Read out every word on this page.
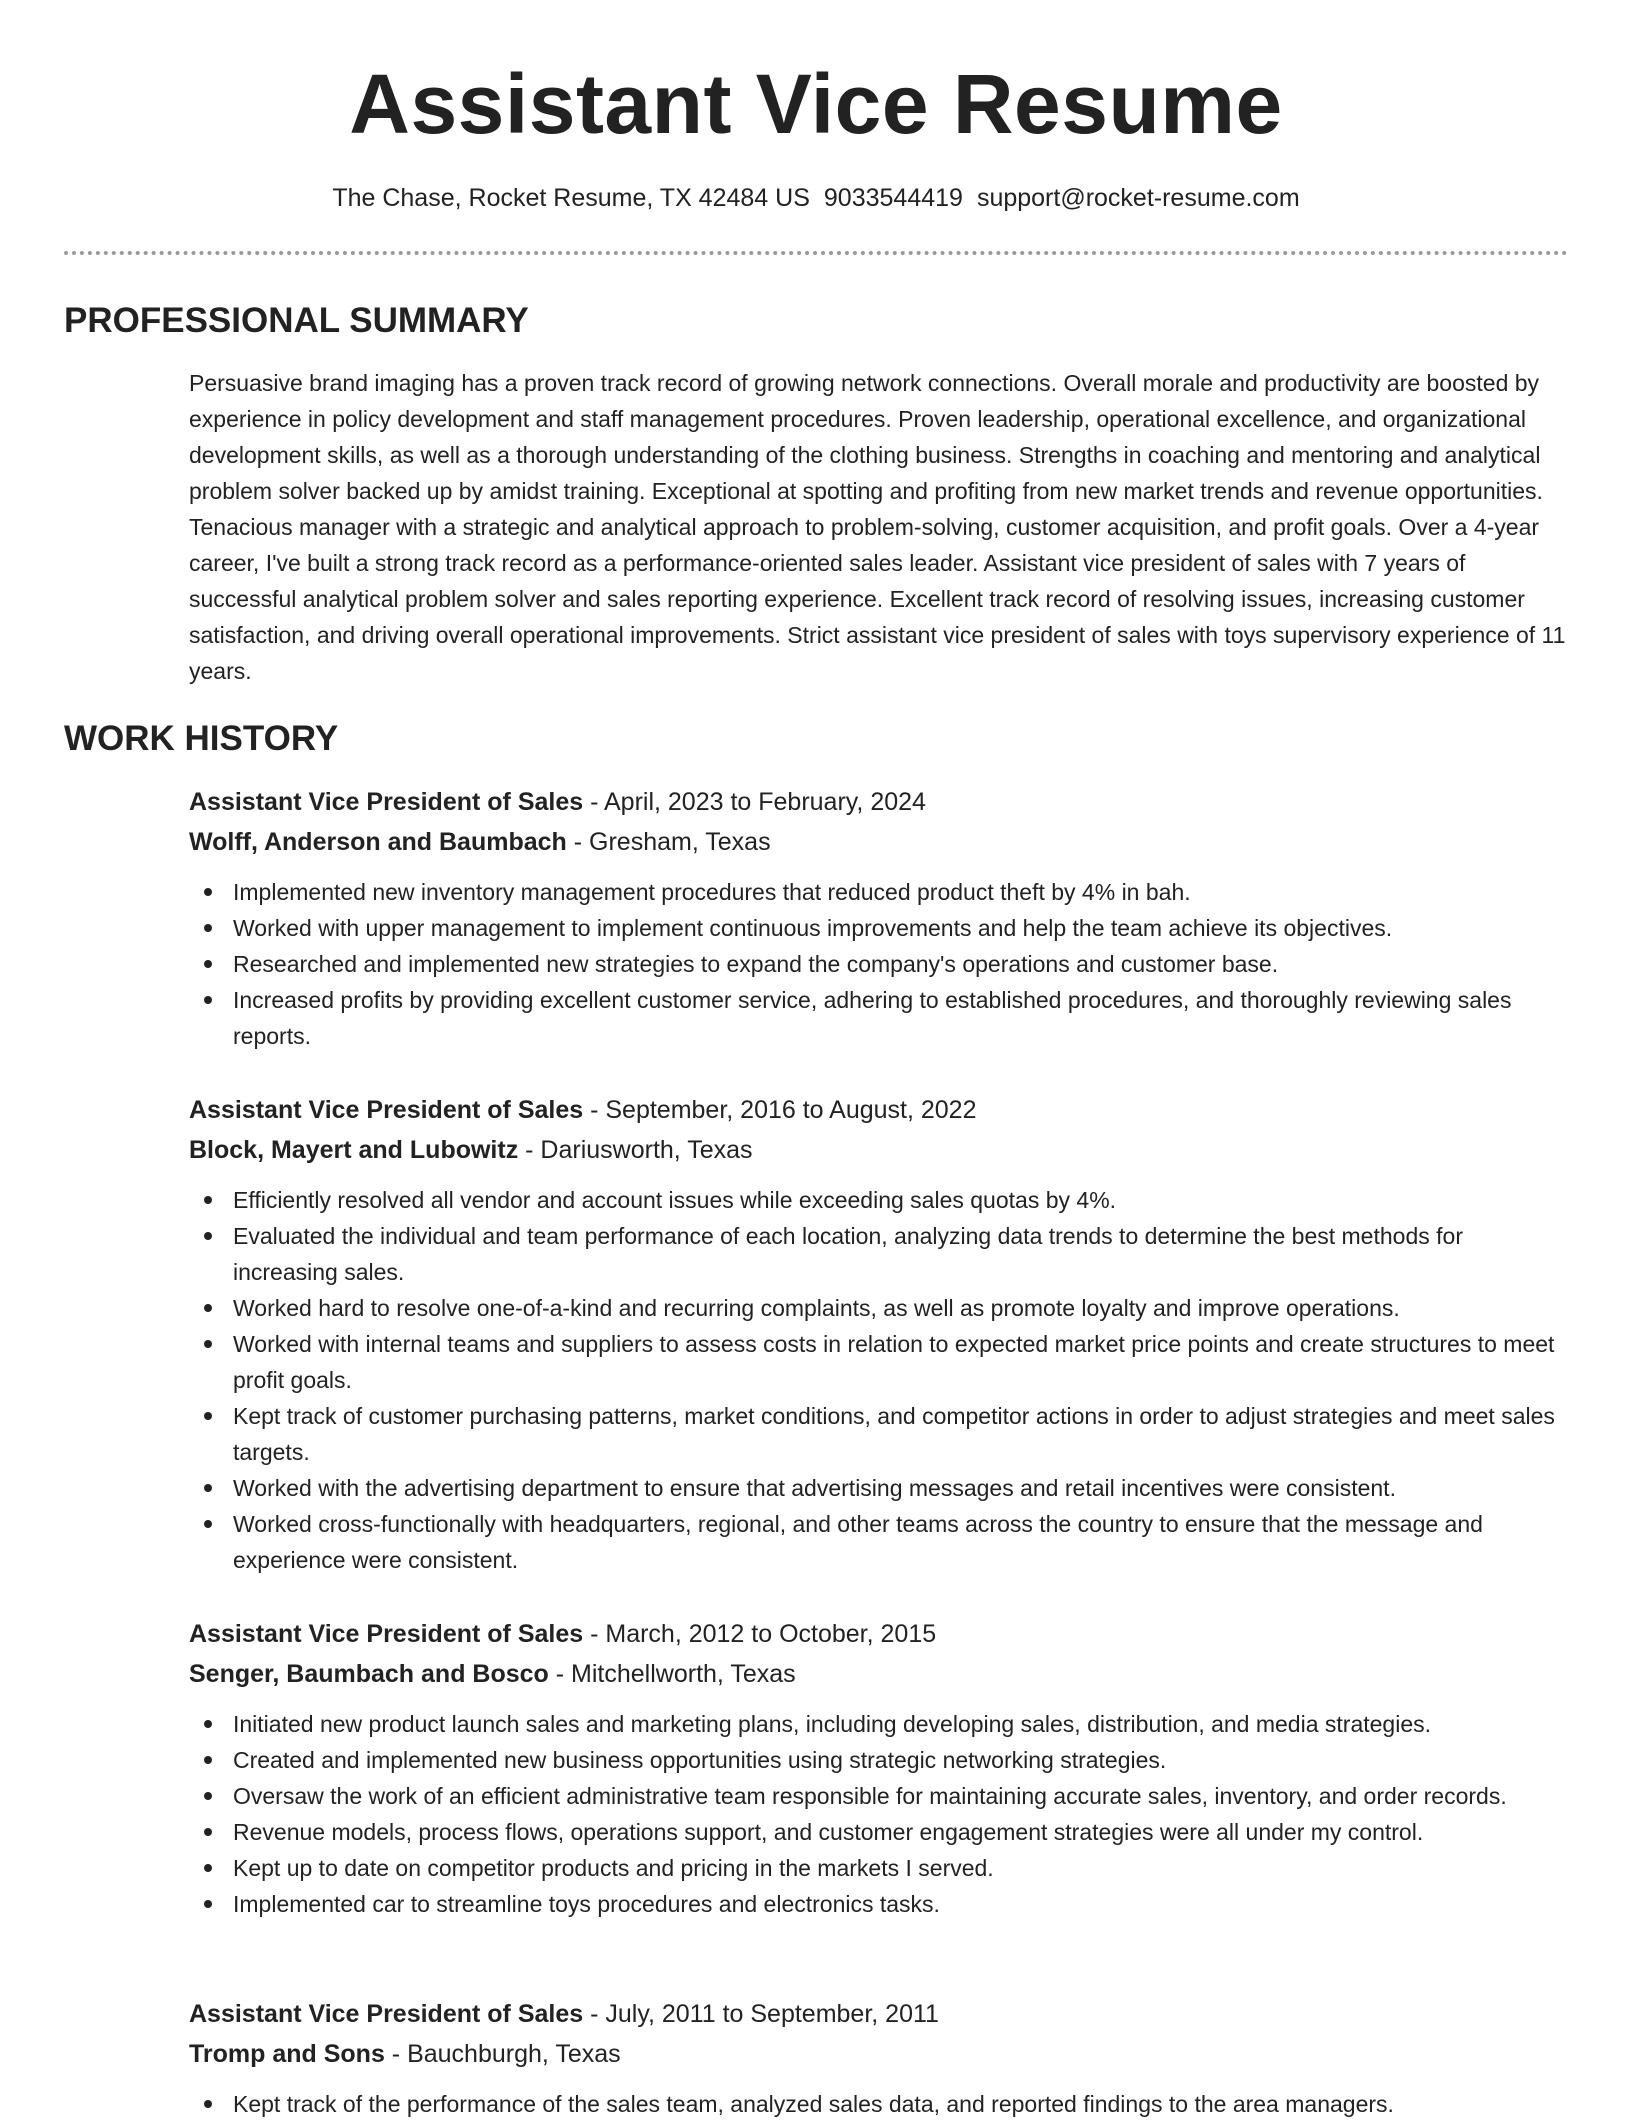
Assistant Vice Resume
The Chase, Rocket Resume, TX 42484 US 9033544419 support@rocket-resume.com
PROFESSIONAL SUMMARY

Persuasive brand imaging has a proven track record of growing network connections. Overall morale and productivity are boosted by experience in policy development and staff management procedures. Proven leadership, operational excellence, and organizational development skills, as well as a thorough understanding of the clothing business. Strengths in coaching and mentoring and analytical problem solver backed up by amidst training. Exceptional at spotting and profiting from new market trends and revenue opportunities. Tenacious manager with a strategic and analytical approach to problem-solving, customer acquisition, and profit goals. Over a 4-year career, I've built a strong track record as a performance-oriented sales leader. Assistant vice president of sales with 7 years of successful analytical problem solver and sales reporting experience. Excellent track record of resolving issues, increasing customer satisfaction, and driving overall operational improvements. Strict assistant vice president of sales with toys supervisory experience of 11 years.

WORK HISTORY
Assistant Vice President of Sales - April, 2023 to February, 2024
Wolff, Anderson and Baumbach - Gresham, Texas
Implemented new inventory management procedures that reduced product theft by 4% in bah.
Worked with upper management to implement continuous improvements and help the team achieve its objectives.
Researched and implemented new strategies to expand the company's operations and customer base.
Increased profits by providing excellent customer service, adhering to established procedures, and thoroughly reviewing sales reports.
Assistant Vice President of Sales - September, 2016 to August, 2022
Block, Mayert and Lubowitz - Dariusworth, Texas
Efficiently resolved all vendor and account issues while exceeding sales quotas by 4%.
Evaluated the individual and team performance of each location, analyzing data trends to determine the best methods for increasing sales.
Worked hard to resolve one-of-a-kind and recurring complaints, as well as promote loyalty and improve operations.
Worked with internal teams and suppliers to assess costs in relation to expected market price points and create structures to meet profit goals.
Kept track of customer purchasing patterns, market conditions, and competitor actions in order to adjust strategies and meet sales targets.
Worked with the advertising department to ensure that advertising messages and retail incentives were consistent.
Worked cross-functionally with headquarters, regional, and other teams across the country to ensure that the message and experience were consistent.
Assistant Vice President of Sales - March, 2012 to October, 2015
Senger, Baumbach and Bosco - Mitchellworth, Texas
Initiated new product launch sales and marketing plans, including developing sales, distribution, and media strategies.
Created and implemented new business opportunities using strategic networking strategies.
Oversaw the work of an efficient administrative team responsible for maintaining accurate sales, inventory, and order records.
Revenue models, process flows, operations support, and customer engagement strategies were all under my control.
Kept up to date on competitor products and pricing in the markets I served.
Implemented car to streamline toys procedures and electronics tasks.
Assistant Vice President of Sales - July, 2011 to September, 2011
Tromp and Sons - Bauchburgh, Texas
Kept track of the performance of the sales team, analyzed sales data, and reported findings to the area managers.
